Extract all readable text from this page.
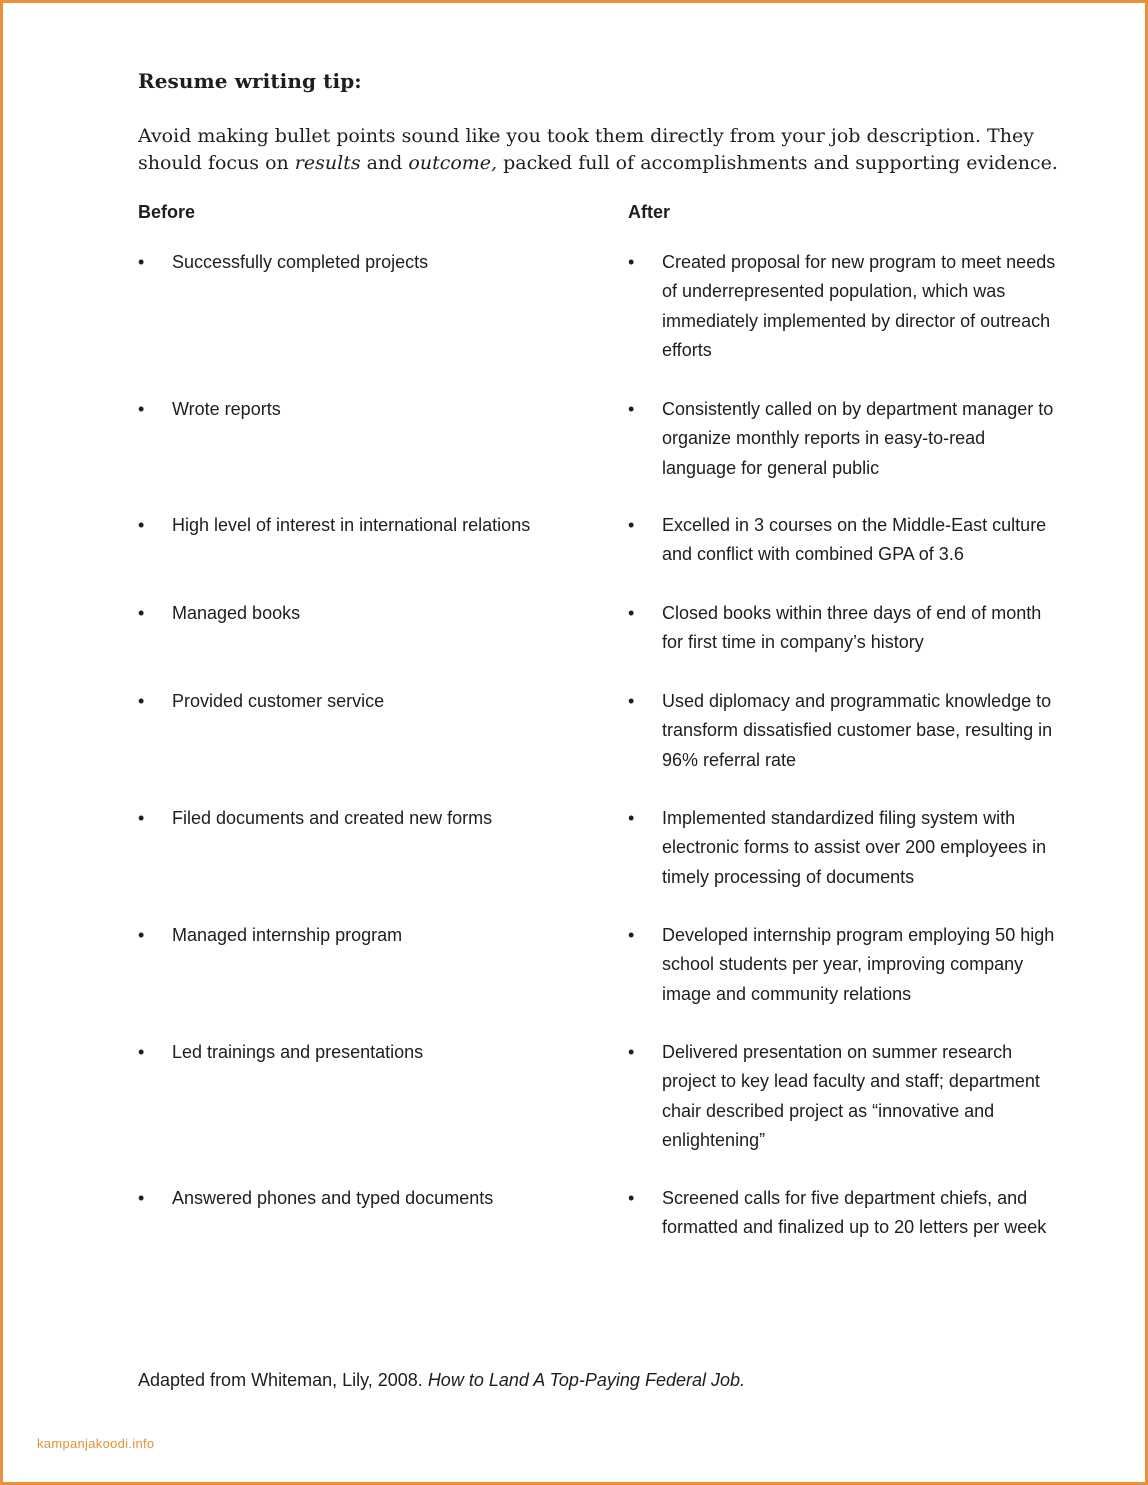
Resume writing tip:
Avoid making bullet points sound like you took them directly from your job description. They should focus on results and outcome, packed full of accomplishments and supporting evidence.
Before	After
•	Successfully completed projects	•	Created proposal for new program to meet needs of underrepresented population, which was immediately implemented by director of outreach efforts
•	Wrote reports	•	Consistently called on by department manager to organize monthly reports in easy-to-read language for general public
•	High level of interest in international relations	•	Excelled in 3 courses on the Middle-East culture and conflict with combined GPA of 3.6
•	Managed books	•	Closed books within three days of end of month for first time in company’s history
•	Provided customer service	•	Used diplomacy and programmatic knowledge to transform dissatisfied customer base, resulting in 96% referral rate
•	Filed documents and created new forms	•	Implemented standardized filing system with electronic forms to assist over 200 employees in timely processing of documents
•	Managed internship program	•	Developed internship program employing 50 high school students per year, improving company image and community relations
•	Led trainings and presentations	•	Delivered presentation on summer research project to key lead faculty and staff; department chair described project as “innovative and enlightening”
•	Answered phones and typed documents	•	Screened calls for five department chiefs, and formatted and finalized up to 20 letters per week
Adapted from Whiteman, Lily, 2008. How to Land A Top-Paying Federal Job.
kampanjakoodi.info
